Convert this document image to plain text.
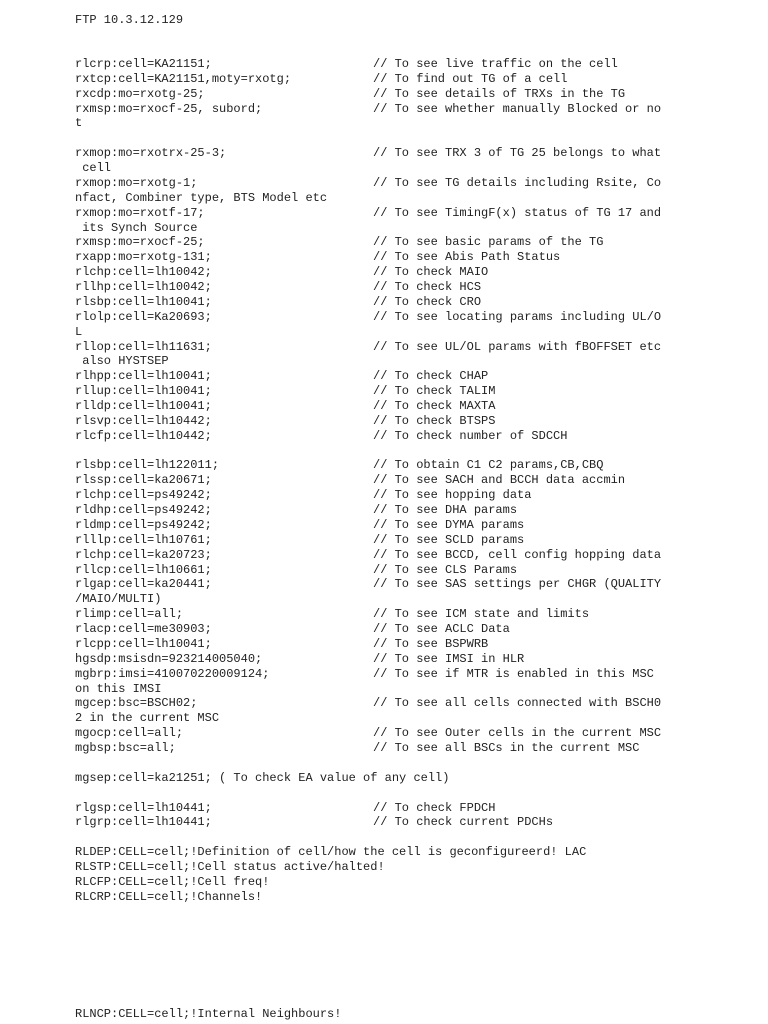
FTP 10.3.12.129
rlcrp:cell=KA21151;	// To see live traffic on the cell
rxtcp:cell=KA21151,moty=rxotg;	// To find out TG of a cell
rxcdp:mo=rxotg-25;	// To see details of TRXs in the TG
rxmsp:mo=rxocf-25, subord;	// To see whether manually Blocked or no
t
rxmop:mo=rxotrx-25-3;	// To see TRX 3 of TG 25 belongs to what
cell
rxmop:mo=rxotg-1;	// To see TG details including Rsite, Co
nfact, Combiner type, BTS Model etc
rxmop:mo=rxotf-17;	// To see TimingF(x) status of TG 17 and
its Synch Source
rxmsp:mo=rxocf-25;	// To see basic params of the TG
rxapp:mo=rxotg-131;	// To see Abis Path Status
rlchp:cell=lh10042;	// To check MAIO
rllhp:cell=lh10042;	// To check HCS
rlsbp:cell=lh10041;	// To check CRO
rlolp:cell=Ka20693;	// To see locating params including UL/O
L
rllop:cell=lh11631;	// To see UL/OL params with fBOFFSET etc
also HYSTSEP
rlhpp:cell=lh10041;	// To check CHAP
rllup:cell=lh10041;	// To check TALIM
rlldp:cell=lh10041;	// To check MAXTA
rlsvp:cell=lh10442;	// To check BTSPS
rlcfp:cell=lh10442;	// To check number of SDCCH
rlsbp:cell=lh122011;	// To obtain C1 C2 params,CB,CBQ
rlssp:cell=ka20671;	// To see SACH and BCCH data accmin
rlchp:cell=ps49242;	// To see hopping data
rldhp:cell=ps49242;	// To see DHA params
rldmp:cell=ps49242;	// To see DYMA params
rlllp:cell=lh10761;	// To see SCLD params
rlchp:cell=ka20723;	// To see BCCD, cell config hopping data
rllcp:cell=lh10661;	// To see CLS Params
rlgap:cell=ka20441;	// To see SAS settings per CHGR (QUALITY
/MAIO/MULTI)
rlimp:cell=all;	// To see ICM state and limits
rlacp:cell=me30903;	// To see ACLC Data
rlcpp:cell=lh10041;	// To see BSPWRB
hgsdp:msisdn=923214005040;	// To see IMSI in HLR
mgbrp:imsi=410070220009124;	// To see if MTR is enabled in this MSC
on this IMSI
mgcep:bsc=BSCH02;	// To see all cells connected with BSCH0
2 in the current MSC
mgocp:cell=all;	// To see Outer cells in the current MSC
mgbsp:bsc=all;	// To see all BSCs in the current MSC
mgsep:cell=ka21251; ( To check EA value of any cell)
rlgsp:cell=lh10441;	// To check FPDCH
rlgrp:cell=lh10441;	// To check current PDCHs
RLDEP:CELL=cell;!Definition of cell/how the cell is geconfigureerd! LAC
RLSTP:CELL=cell;!Cell status active/halted!
RLCFP:CELL=cell;!Cell freq!
RLCRP:CELL=cell;!Channels!
RLNCP:CELL=cell;!Internal Neighbours!
